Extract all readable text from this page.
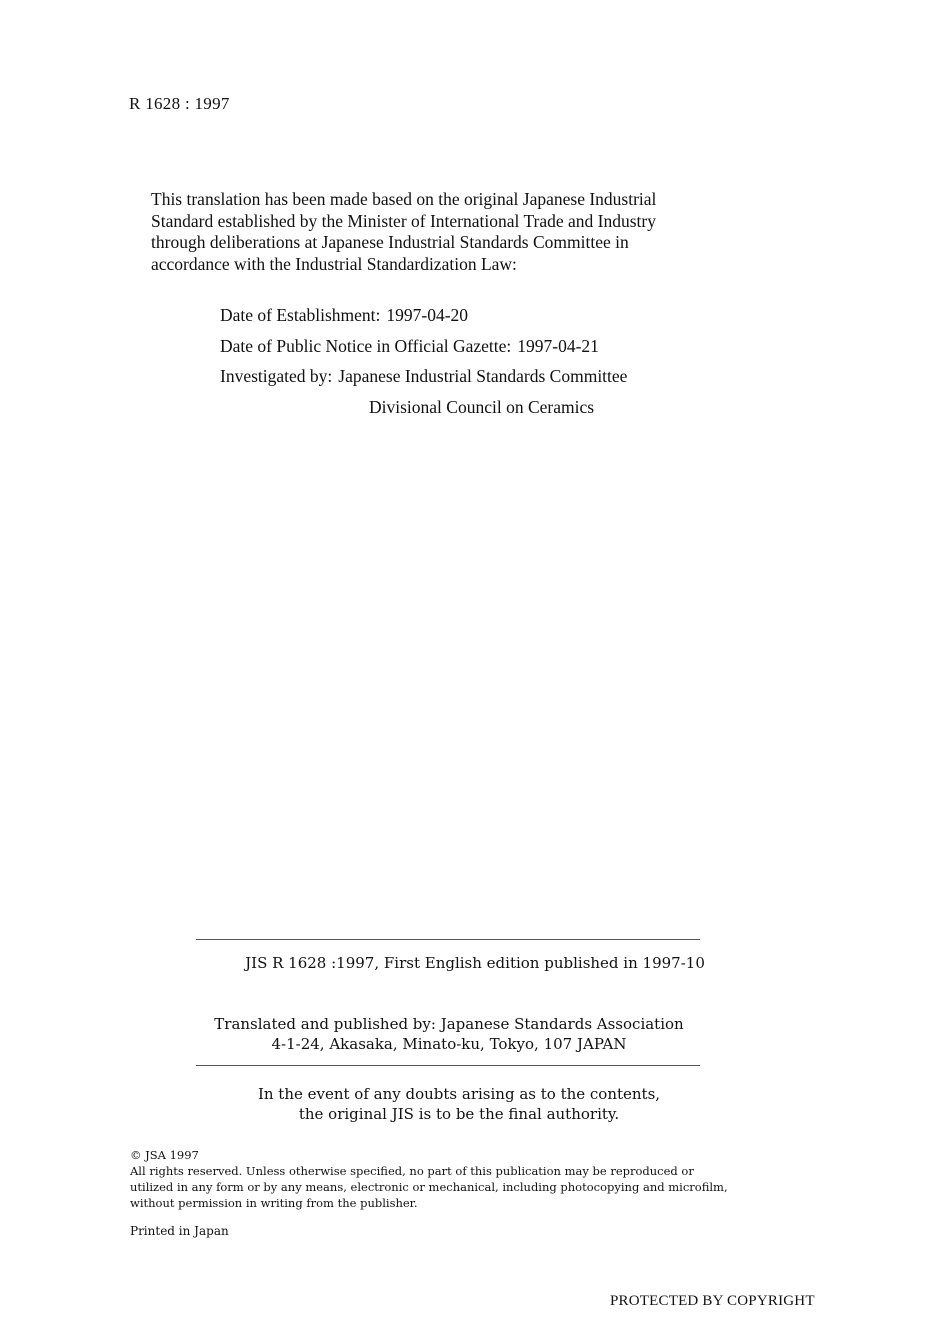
R 1628 : 1997
This translation has been made based on the original Japanese Industrial
Standard established by the Minister of International Trade and Industry
through deliberations at Japanese Industrial Standards Committee in
accordance with the Industrial Standardization Law:
Date of Establishment: 1997-04-20
Date of Public Notice in Official Gazette: 1997-04-21
Investigated by: Japanese Industrial Standards Committee
Divisional Council on Ceramics
JIS R 1628 :1997, First English edition published in 1997-10
Translated and published by: Japanese Standards Association
4-1-24, Akasaka, Minato-ku, Tokyo, 107 JAPAN
In the event of any doubts arising as to the contents,
the original JIS is to be the final authority.
© JSA 1997
All rights reserved. Unless otherwise specified, no part of this publication may be reproduced or
utilized in any form or by any means, electronic or mechanical, including photocopying and microfilm,
without permission in writing from the publisher.
Printed in Japan
PROTECTED BY COPYRIGHT
